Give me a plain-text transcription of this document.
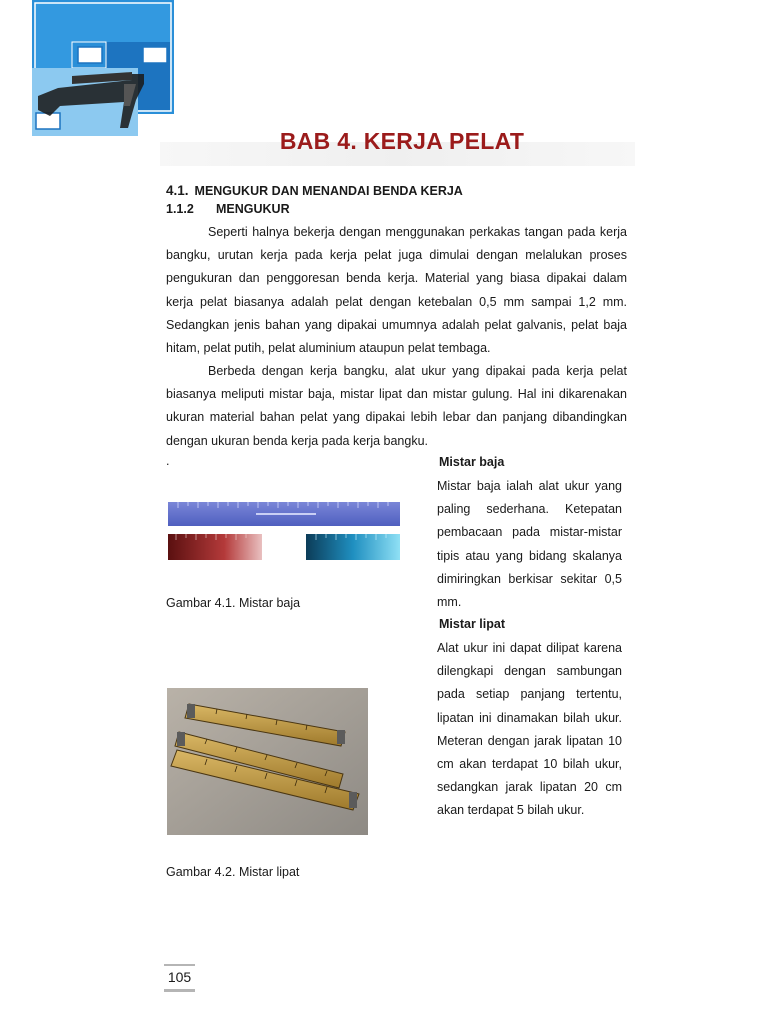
BAB 4. KERJA PELAT
4.1. MENGUKUR DAN MENANDAI BENDA KERJA
1.1.2 MENGUKUR

Seperti halnya bekerja dengan menggunakan perkakas tangan pada kerja bangku, urutan kerja pada kerja pelat juga dimulai dengan melalukan proses pengukuran dan penggoresan benda kerja. Material yang biasa dipakai dalam kerja pelat biasanya adalah pelat dengan ketebalan 0,5 mm sampai 1,2 mm. Sedangkan jenis bahan yang dipakai umumnya adalah pelat galvanis, pelat baja hitam, pelat putih, pelat aluminium ataupun pelat tembaga.

Berbeda dengan kerja bangku, alat ukur yang dipakai pada kerja pelat biasanya meliputi mistar baja, mistar lipat dan mistar gulung. Hal ini dikarenakan ukuran material bahan pelat yang dipakai lebih lebar dan panjang dibandingkan dengan ukuran benda kerja pada kerja bangku.

.	Mistar baja

Mistar baja ialah alat ukur yang paling sederhana. Ketepatan pembacaan pada mistar-mistar tipis atau yang bidang skalanya dimiringkan berkisar sekitar 0,5 mm.

Mistar lipat

Alat ukur ini dapat dilipat karena dilengkapi dengan sambungan pada setiap panjang tertentu, lipatan ini dinamakan bilah ukur. Meteran dengan jarak lipatan 10 cm akan terdapat 10 bilah ukur, sedangkan jarak lipatan 20 cm akan terdapat 5 bilah ukur.

Gambar 4.1. Mistar baja
Gambar 4.2. Mistar lipat
105
